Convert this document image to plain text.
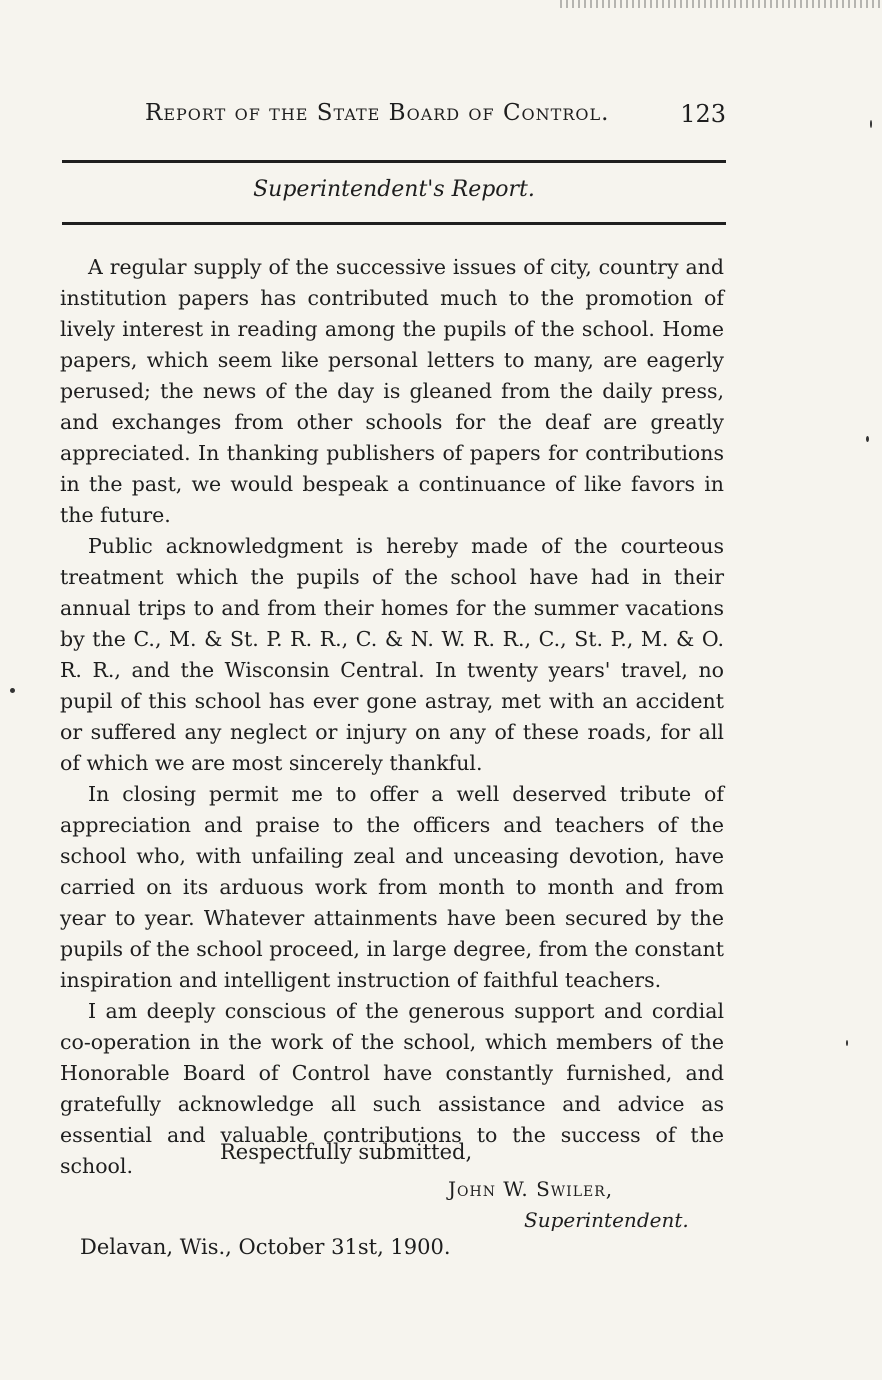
Report of the State Board of Control.	123
Superintendent's Report.

A regular supply of the successive issues of city, country and institution papers has contributed much to the promotion of lively interest in reading among the pupils of the school. Home papers, which seem like personal letters to many, are eagerly perused; the news of the day is gleaned from the daily press, and exchanges from other schools for the deaf are greatly appreciated. In thanking publishers of papers for contributions in the past, we would bespeak a continuance of like favors in the future.

Public acknowledgment is hereby made of the courteous treatment which the pupils of the school have had in their annual trips to and from their homes for the summer vacations by the C., M. & St. P. R. R., C. & N. W. R. R., C., St. P., M. & O. R. R., and the Wisconsin Central. In twenty years' travel, no pupil of this school has ever gone astray, met with an accident or suffered any neglect or injury on any of these roads, for all of which we are most sincerely thankful.

In closing permit me to offer a well deserved tribute of appreciation and praise to the officers and teachers of the school who, with unfailing zeal and unceasing devotion, have carried on its arduous work from month to month and from year to year. Whatever attainments have been secured by the pupils of the school proceed, in large degree, from the constant inspiration and intelligent instruction of faithful teachers.

I am deeply conscious of the generous support and cordial co-operation in the work of the school, which members of the Honorable Board of Control have constantly furnished, and gratefully acknowledge all such assistance and advice as essential and valuable contributions to the success of the school.

Respectfully submitted,
John W. Swiler,
Superintendent.
Delavan, Wis., October 31st, 1900.
